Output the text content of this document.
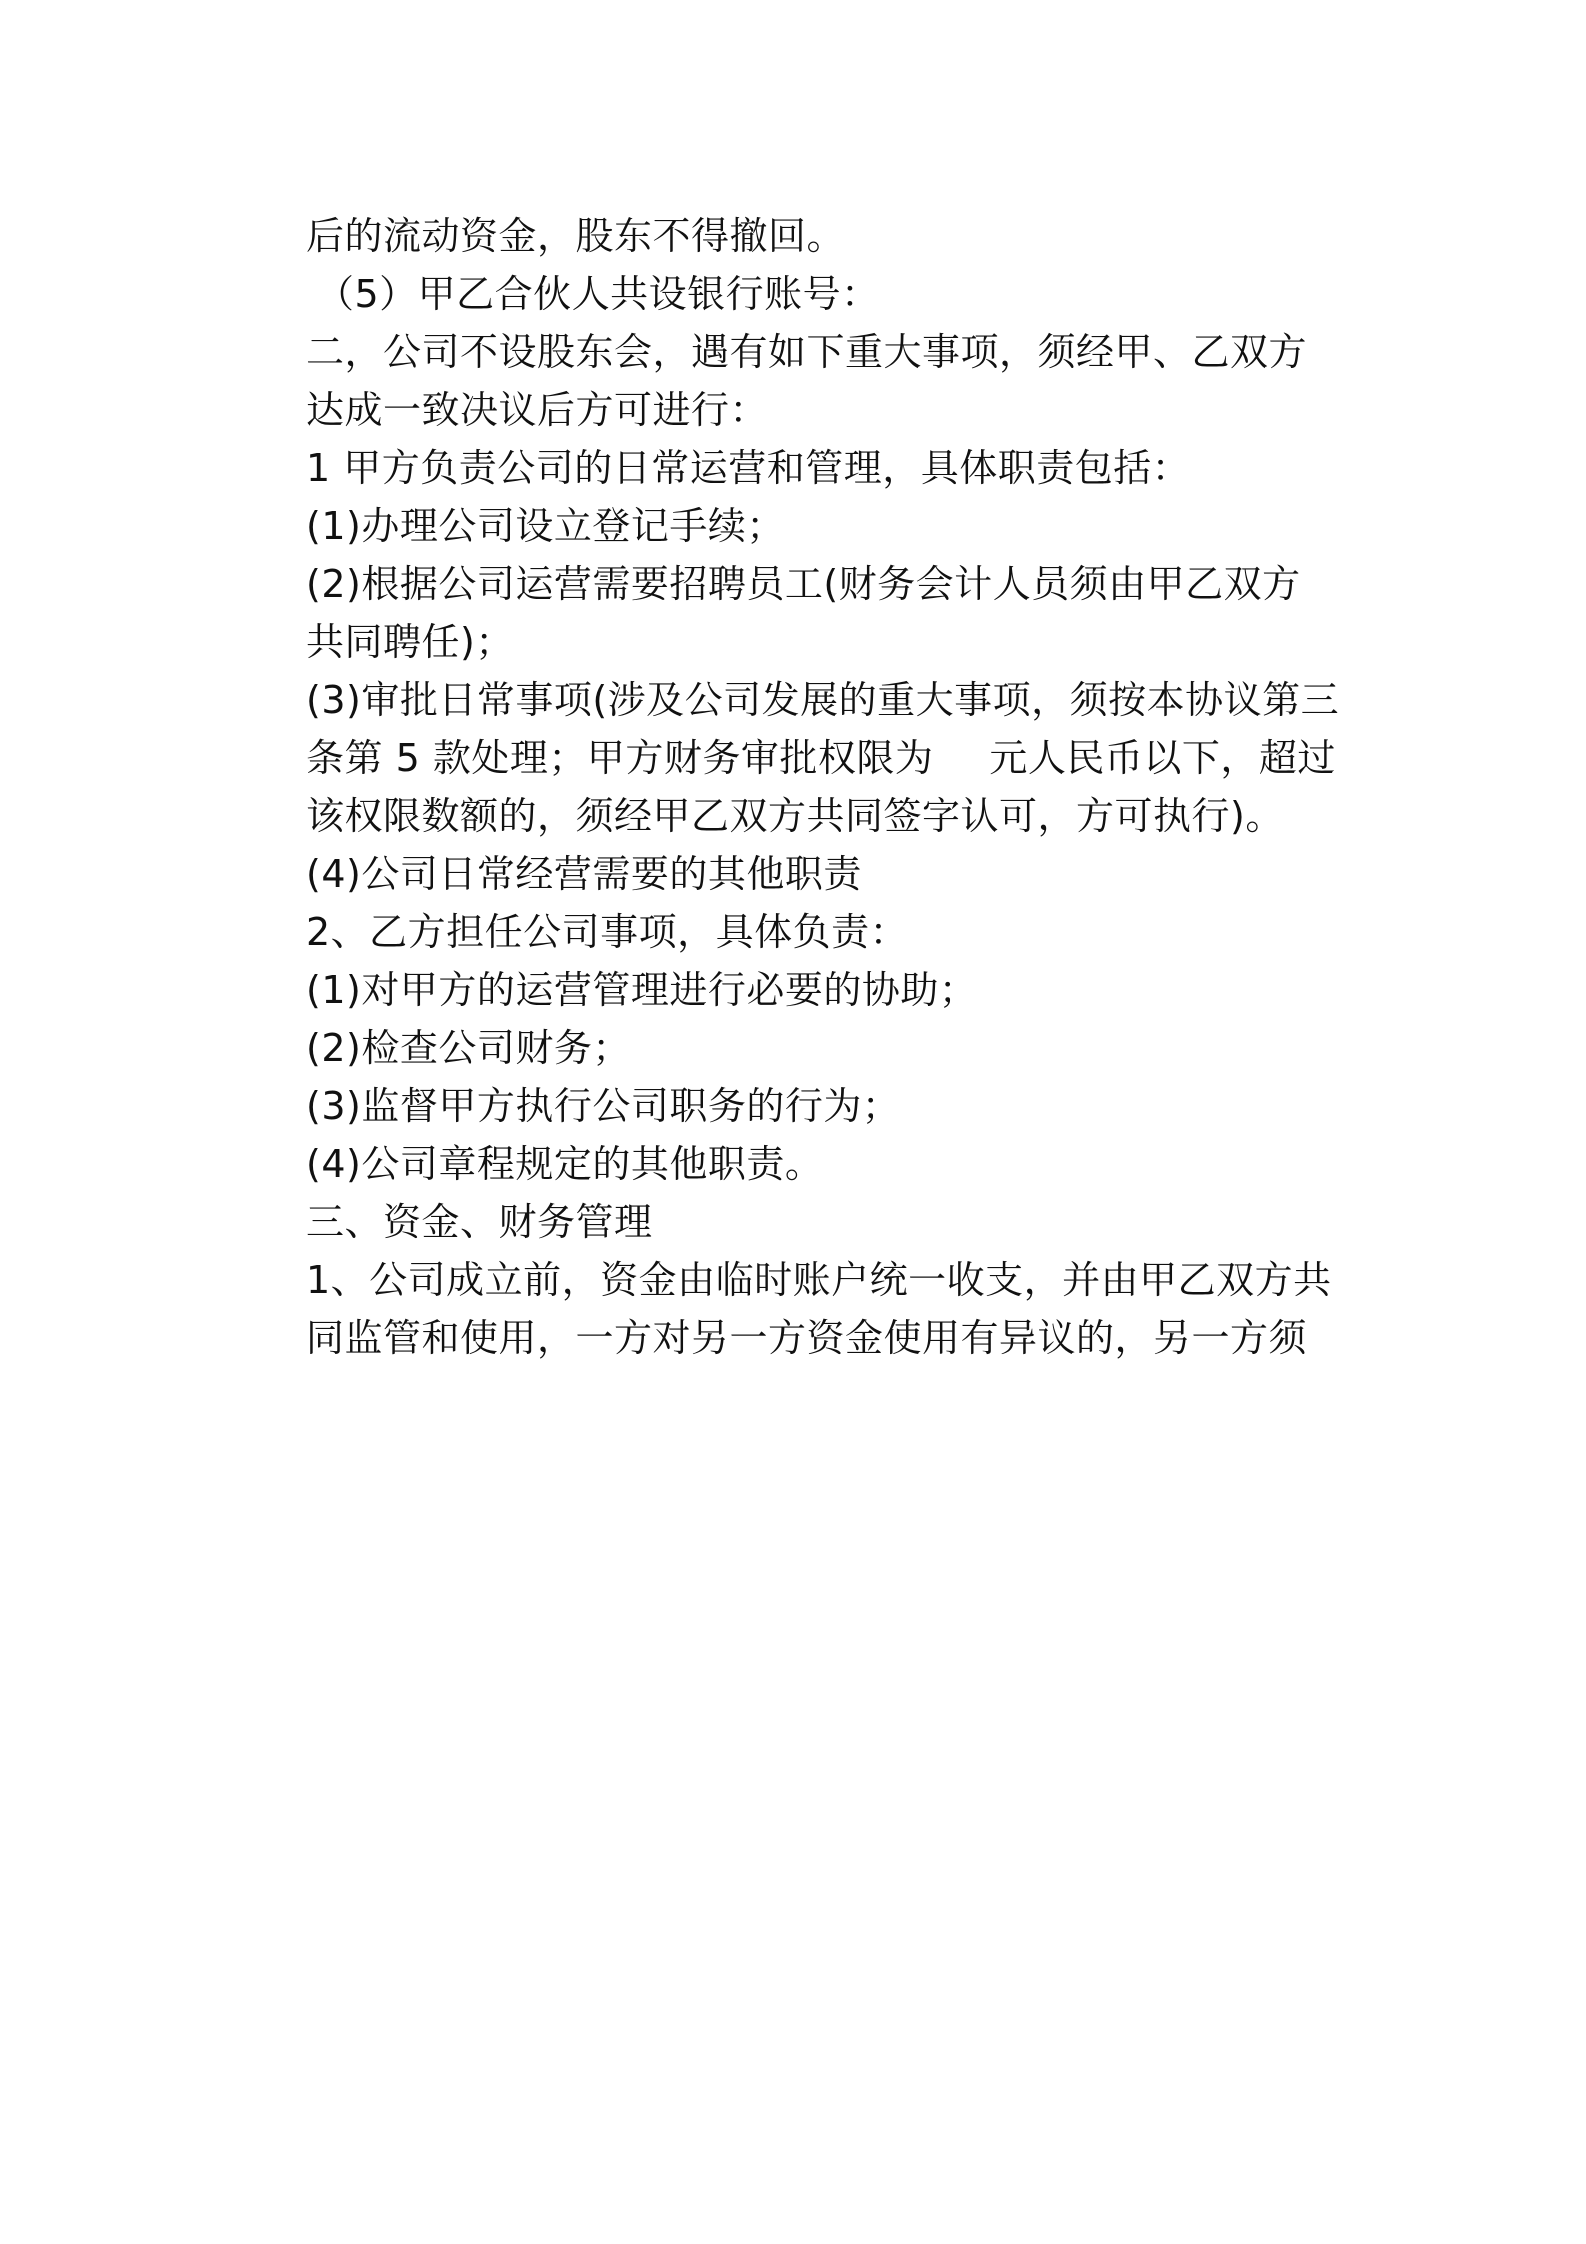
后的流动资金，股东不得撤回。
（5）甲乙合伙人共设银行账号：
二，公司不设股东会，遇有如下重大事项，须经甲、乙双方
达成一致决议后方可进行：
1 甲方负责公司的日常运营和管理，具体职责包括：
(1)办理公司设立登记手续；
(2)根据公司运营需要招聘员工(财务会计人员须由甲乙双方
共同聘任)；
(3)审批日常事项(涉及公司发展的重大事项，须按本协议第三
条第 5 款处理；甲方财务审批权限为 元人民币以下，超过
该权限数额的，须经甲乙双方共同签字认可，方可执行)。
(4)公司日常经营需要的其他职责
2、乙方担任公司事项，具体负责：
(1)对甲方的运营管理进行必要的协助；
(2)检查公司财务；
(3)监督甲方执行公司职务的行为；
(4)公司章程规定的其他职责。
三、资金、财务管理
1、公司成立前，资金由临时账户统一收支，并由甲乙双方共
同监管和使用，一方对另一方资金使用有异议的，另一方须
